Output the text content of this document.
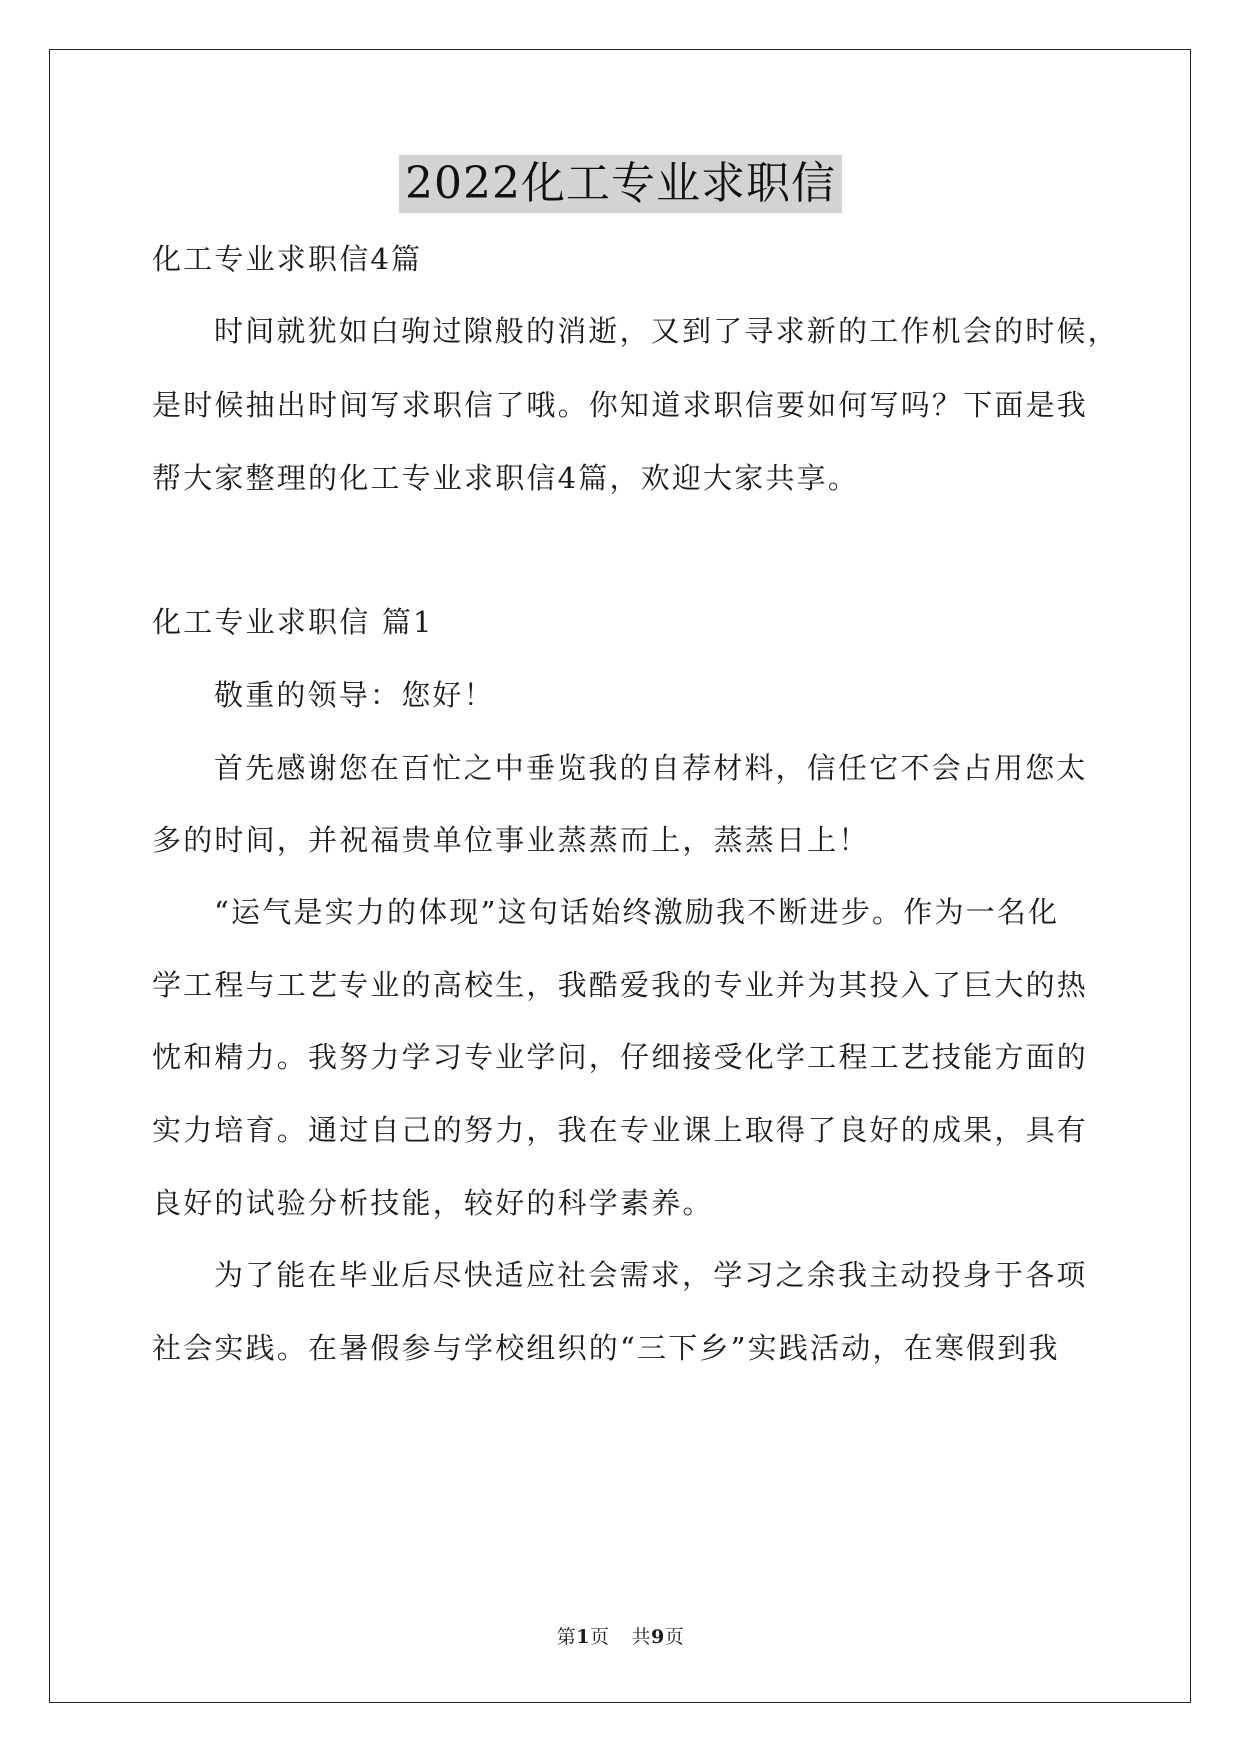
2022化工专业求职信

化工专业求职信4篇

时间就犹如白驹过隙般的消逝，又到了寻求新的工作机会的时候，

是时候抽出时间写求职信了哦。你知道求职信要如何写吗？下面是我

帮大家整理的化工专业求职信4篇，欢迎大家共享。

化工专业求职信 篇1

敬重的领导：您好！

首先感谢您在百忙之中垂览我的自荐材料，信任它不会占用您太

多的时间，并祝福贵单位事业蒸蒸而上，蒸蒸日上！

“运气是实力的体现”这句话始终激励我不断进步。作为一名化

学工程与工艺专业的高校生，我酷爱我的专业并为其投入了巨大的热

忱和精力。我努力学习专业学问，仔细接受化学工程工艺技能方面的

实力培育。通过自己的努力，我在专业课上取得了良好的成果，具有

良好的试验分析技能，较好的科学素养。

为了能在毕业后尽快适应社会需求，学习之余我主动投身于各项

社会实践。在暑假参与学校组织的“三下乡”实践活动，在寒假到我

第1页 共9页
